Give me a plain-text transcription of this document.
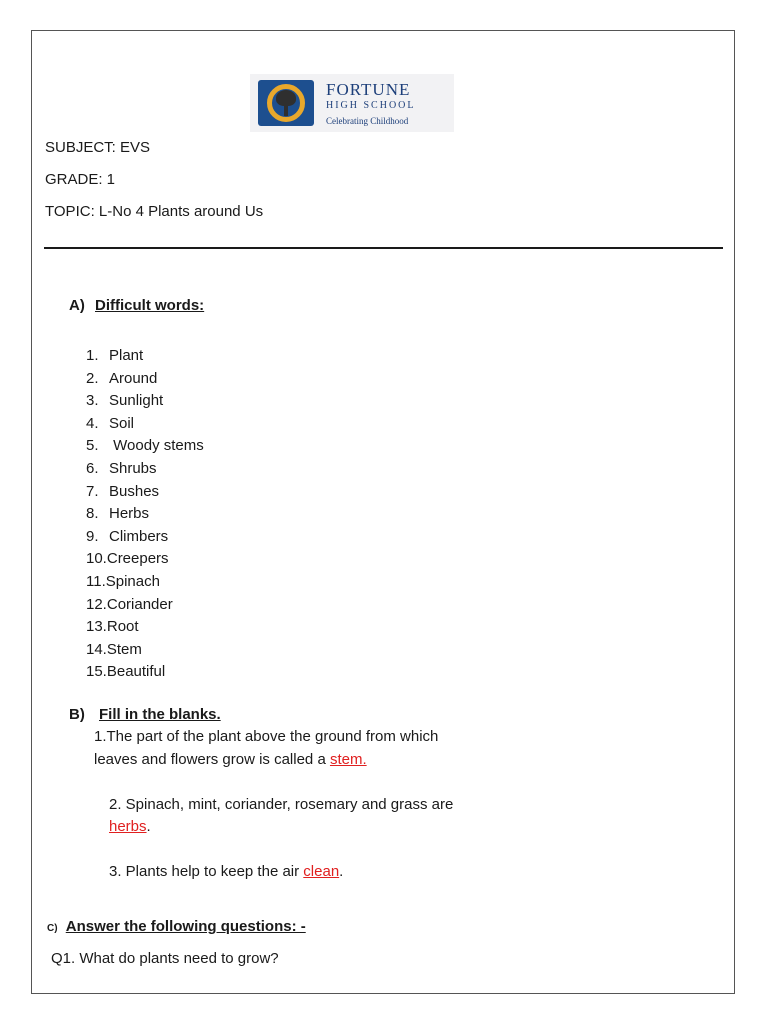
FORTUNE
HIGH SCHOOL
Celebrating Childhood
SUBJECT: EVS
GRADE: 1
TOPIC: L-No 4 Plants around Us
A) Difficult words:
1. Plant
2. Around
3. Sunlight
4. Soil
5. Woody stems
6. Shrubs
7. Bushes
8. Herbs
9. Climbers
10. Creepers
11. Spinach
12. Coriander
13. Root
14. Stem
15. Beautiful
B) Fill in the blanks.
1.The part of the plant above the ground from which
leaves and flowers grow is called a stem.
2. Spinach, mint, coriander, rosemary and grass are
herbs.
3. Plants help to keep the air clean.
C) Answer the following questions: -
Q1. What do plants need to grow?
